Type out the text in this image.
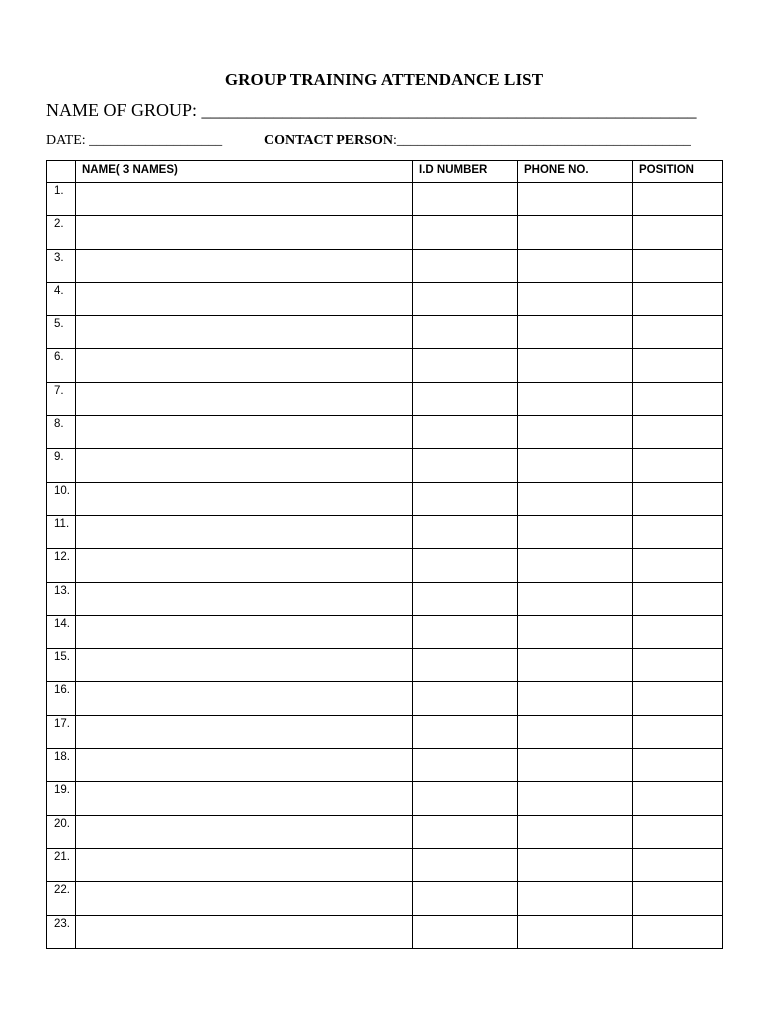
GROUP TRAINING ATTENDANCE LIST
NAME OF GROUP: _______________________________________________________
DATE: ___________________	CONTACT PERSON:__________________________________________
	NAME( 3 NAMES)	I.D NUMBER	PHONE NO.	POSITION
1.				
2.				
3.				
4.				
5.				
6.				
7.				
8.				
9.				
10.				
11.				
12.				
13.				
14.				
15.				
16.				
17.				
18.				
19.				
20.				
21.				
22.				
23.				
